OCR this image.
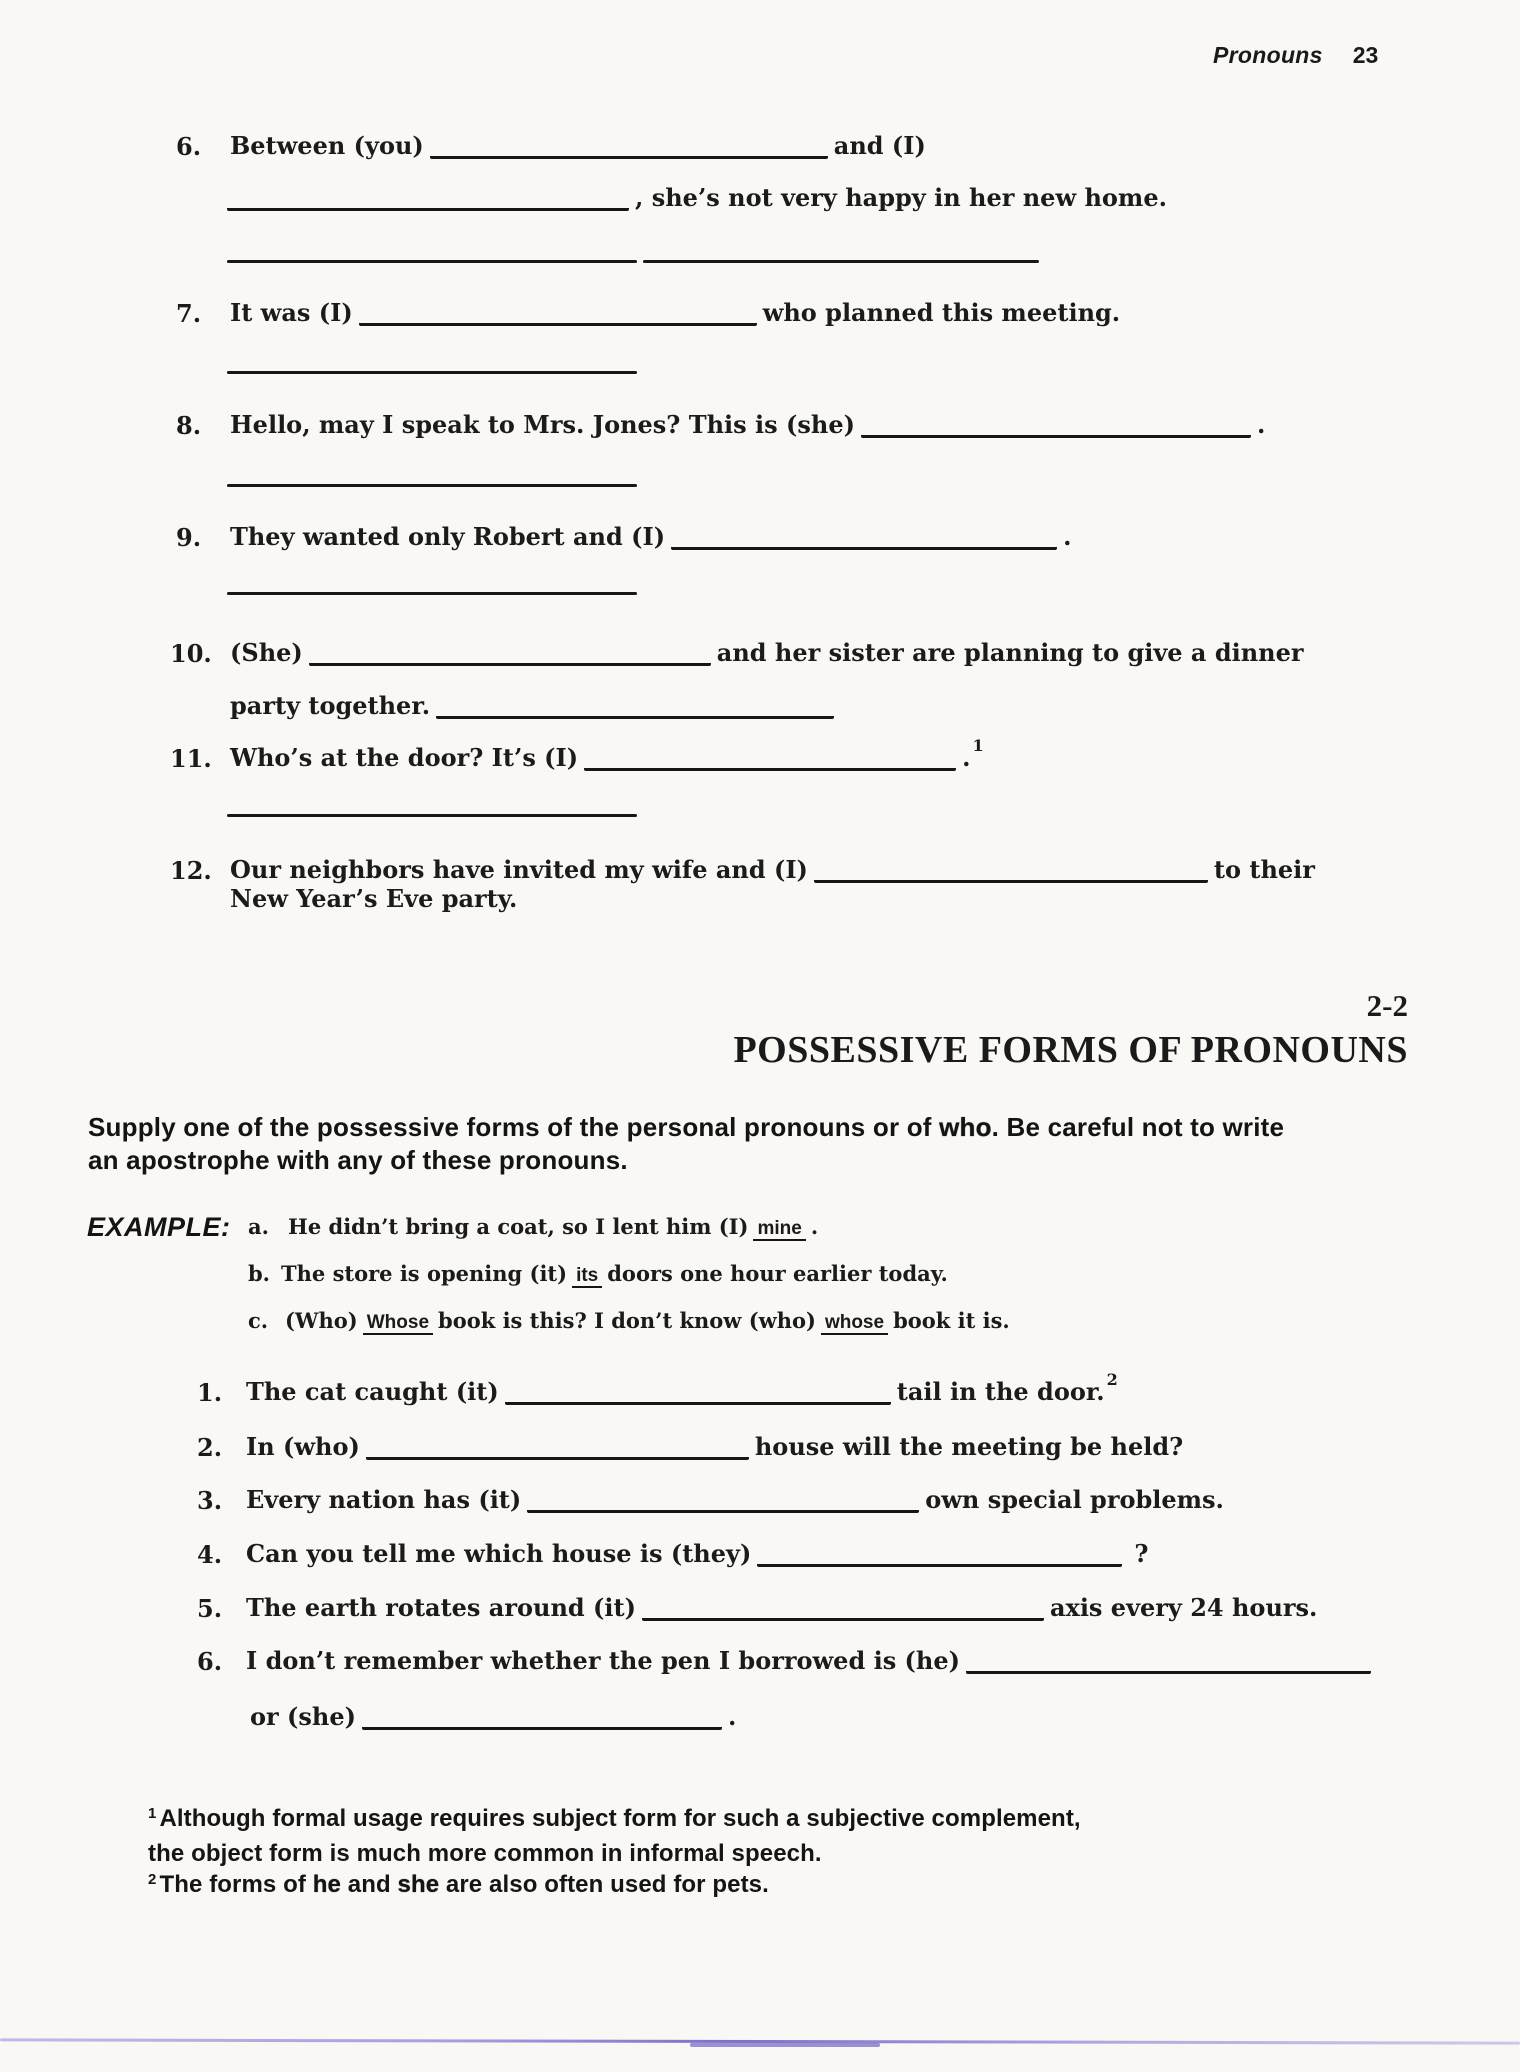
Pronouns 23
6. Between (you)	and (I)
, she’s not very happy in her new home.
7. It was (I)	who planned this meeting.
8. Hello, may I speak to Mrs. Jones? This is (she)	.
9. They wanted only Robert and (I)	.
10. (She)	and her sister are planning to give a dinner
party together.
11. Who’s at the door? It’s (I)	. $^1$
12. Our neighbors have invited my wife and (I)	to their
New Year’s Eve party.
2-2
POSSESSIVE FORMS OF PRONOUNS
Supply one of the possessive forms of the personal pronouns or of who. Be careful not to write
an apostrophe with any of these pronouns.
EXAMPLE: a. He didn’t bring a coat, so I lent him (I) mine .
b. The store is opening (it) its doors one hour earlier today.
c. (Who) Whose book is this? I don’t know (who) whose book it is.
1. The cat caught (it)	tail in the door. $^2$
2. In (who)	house will the meeting be held?
3. Every nation has (it)	own special problems.
4. Can you tell me which house is (they)	?
5. The earth rotates around (it)	axis every 24 hours.
6. I don’t remember whether the pen I borrowed is (he)
or (she)	.
$^1$ Although formal usage requires subject form for such a subjective complement,
the object form is much more common in informal speech.
$^2$ The forms of he and she are also often used for pets.
